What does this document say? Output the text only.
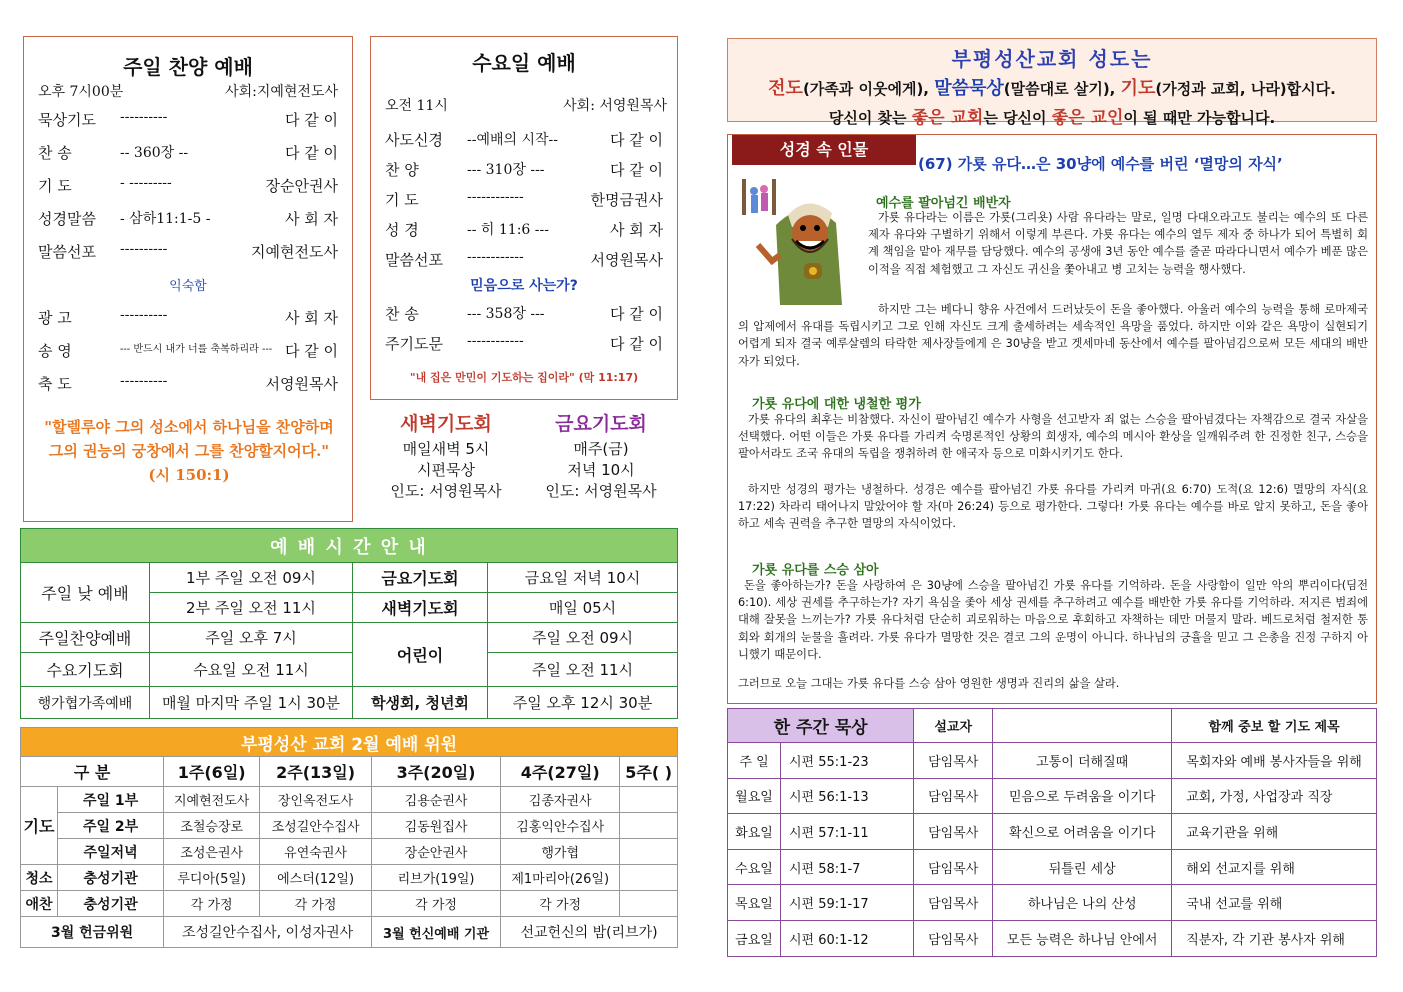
주일 찬양 예배
오후 7시00분	사회:지예현전도사
묵상기도 ----------	다 같 이
찬 송	-- 360장 --	다 같 이
기 도	- ---------	장순안권사
성경말씀 - 삼하11:1-5 -	사 회 자
말씀선포 ----------	지예현전도사
익숙함
광 고	----------	사 회 자
송 영	--- 반드시 내가 너를 축복하리라 --- 다 같 이
축 도	----------	서영원목사
"할렐루야 그의 성소에서 하나님을 찬양하며 그의 권능의 궁창에서 그를 찬양할지어다." (시 150:1)
수요일 예배
오전 11시	사회: 서영원목사
사도신경 --예배의 시작--	다 같 이
찬 양	--- 310장 ---	다 같 이
기 도	------------	한명금권사
성 경	-- 히 11:6 ---	사 회 자
말씀선포 ------------	서영원목사
믿음으로 사는가?
찬 송	--- 358장 ---	다 같 이
주기도문 ------------	다 같 이
"내 집은 만민이 기도하는 집이라" (막 11:17)
새벽기도회
매일새벽 5시
시편묵상
인도: 서영원목사
금요기도회
매주(금)
저녁 10시
인도: 서영원목사
예 배 시 간 안 내			
주일 낮 예배	1부 주일 오전 09시	금요기도회	금요일 저녁 10시
	2부 주일 오전 11시	새벽기도회	매일 05시
주일찬양예배	주일 오후 7시	어린이	주일 오전 09시
수요기도회	수요일 오전 11시		주일 오전 11시
행가협가족예배	매월 마지막 주일 1시 30분	학생회, 청년회	주일 오후 12시 30분
부평성산 교회 2월 예배 위원						
구 분		1주(6일)	2주(13일)	3주(20일)	4주(27일)	5주( )
기도	주일 1부	지예현전도사	장인옥전도사	김용순권사	김종자권사	
	주일 2부	조철승장로	조성길안수집사	김동원집사	김홍익안수집사	
	주일저녁	조성은권사	유연숙권사	장순안권사	행가협	
청소	충성기관	루디아(5일)	에스더(12일)	리브가(19일)	제1마리아(26일)	
애찬	충성기관	각 가정	각 가정	각 가정	각 가정	
3월 헌금위원		조성길안수집사, 이성자권사		3월 헌신예배 기관	선교헌신의 밤(리브가)	
부평성산교회 성도는
전도(가족과 이웃에게), 말씀묵상(말씀대로 살기), 기도(가정과 교회, 나라)합시다.
당신이 찾는 좋은 교회는 당신이 좋은 교인이 될 때만 가능합니다.
성경 속 인물
(67) 가룟 유다…은 30냥에 예수를 버린 ‘멸망의 자식’
예수를 팔아넘긴 배반자
가룟 유다라는 이름은 가룟(그리욧) 사람 유다라는 말로, 일명 다대오라고도 불리는 예수의 또 다른 제자 유다와 구별하기 위해서 이렇게 부른다. 가룟 유다는 예수의 열두 제자 중 하나가 되어 특별히 회계 책임을 맡아 재무를 담당했다. 예수의 공생애 3년 동안 예수를 줄곧 따라다니면서 예수가 베푼 많은 이적을 직접 체험했고 그 자신도 귀신을 쫓아내고 병 고치는 능력을 행사했다.
하지만 그는 베다니 향유 사건에서 드러났듯이 돈을 좋아했다. 아울러 예수의 능력을 통해 로마제국의 압제에서 유대를 독립시키고 그로 인해 자신도 크게 출세하려는 세속적인 욕망을 품었다. 하지만 이와 같은 욕망이 실현되기 어렵게 되자 결국 예루살렘의 타락한 제사장들에게 은 30냥을 받고 겟세마네 동산에서 예수를 팔아넘김으로써 모든 세대의 배반자가 되었다.
가룟 유다에 대한 냉철한 평가
가룟 유다의 최후는 비참했다. 자신이 팔아넘긴 예수가 사형을 선고받자 죄 없는 스승을 팔아넘겼다는 자책감으로 결국 자살을 선택했다. 어떤 이들은 가룟 유다를 가리켜 숙명론적인 상황의 희생자, 예수의 메시아 환상을 일깨워주려 한 진정한 친구, 스승을 팔아서라도 조국 유대의 독립을 쟁취하려 한 애국자 등으로 미화시키기도 한다.
하지만 성경의 평가는 냉철하다. 성경은 예수를 팔아넘긴 가룟 유다를 가리켜 마귀(요 6:70) 도적(요 12:6) 멸망의 자식(요 17:22) 차라리 태어나지 말았어야 할 자(마 26:24) 등으로 평가한다. 그렇다! 가룟 유다는 예수를 바로 알지 못하고, 돈을 좋아하고 세속 권력을 추구한 멸망의 자식이었다.
가룟 유다를 스승 삼아
돈을 좋아하는가? 돈을 사랑하여 은 30냥에 스승을 팔아넘긴 가룟 유다를 기억하라. 돈을 사랑함이 일만 악의 뿌리이다(딤전 6:10). 세상 권세를 추구하는가? 자기 욕심을 좇아 세상 권세를 추구하려고 예수를 배반한 가룟 유다를 기억하라. 저지른 범죄에 대해 잘못을 느끼는가? 가룟 유다처럼 단순히 괴로워하는 마음으로 후회하고 자책하는 데만 머물지 말라. 베드로처럼 철저한 통회와 회개의 눈물을 흘려라. 가룟 유다가 멸망한 것은 결코 그의 운명이 아니다. 하나님의 긍휼을 믿고 그 은총을 진정 구하지 아니했기 때문이다.
그러므로 오늘 그대는 가룟 유다를 스승 삼아 영원한 생명과 진리의 삶을 살라.
한 주간 묵상		설교자		함께 중보 할 기도 제목
주 일	시편 55:1-23	담임목사	고통이 더해질때	목회자와 예배 봉사자들을 위해
월요일	시편 56:1-13	담임목사	믿음으로 두려움을 이기다	교회, 가정, 사업장과 직장
화요일	시편 57:1-11	담임목사	확신으로 어려움을 이기다	교육기관을 위해
수요일	시편 58:1-7	담임목사	뒤틀린 세상	해외 선교지를 위해
목요일	시편 59:1-17	담임목사	하나님은 나의 산성	국내 선교를 위해
금요일	시편 60:1-12	담임목사	모든 능력은 하나님 안에서	직분자, 각 기관 봉사자 위해
